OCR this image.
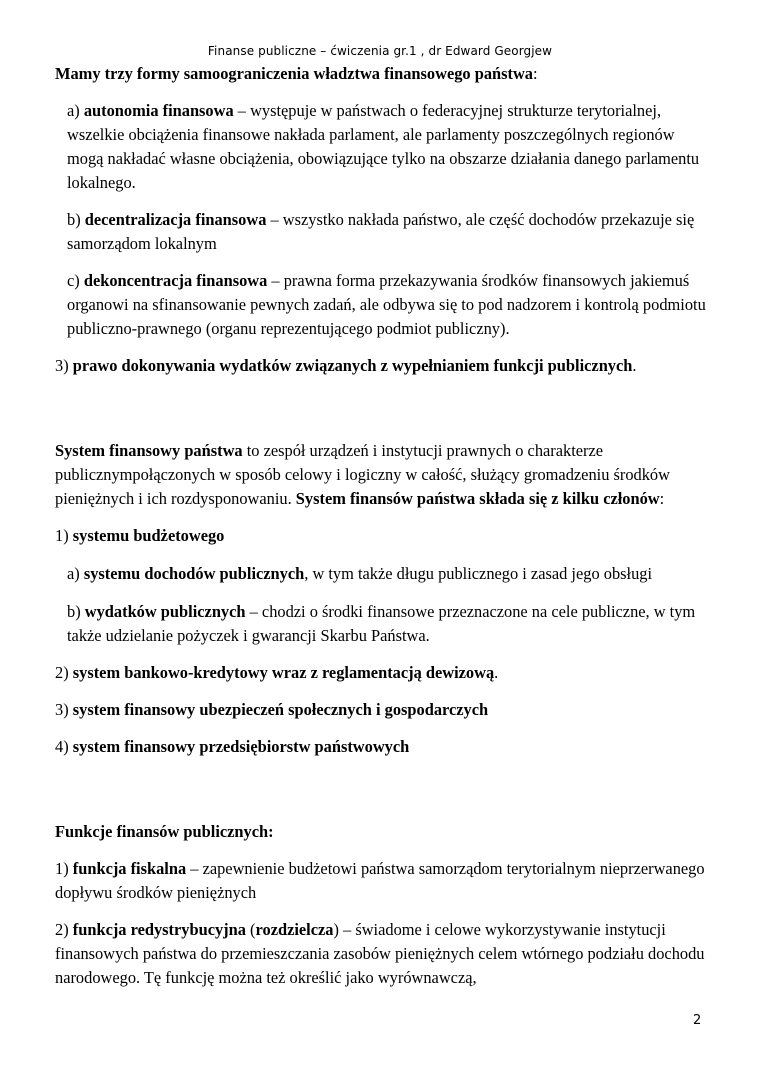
Finanse publiczne – ćwiczenia gr.1 , dr Edward Georgjew

Mamy trzy formy samoograniczenia władztwa finansowego państwa:

a) autonomia finansowa – występuje w państwach o federacyjnej strukturze terytorialnej, wszelkie obciążenia finansowe nakłada parlament, ale parlamenty poszczególnych regionów mogą nakładać własne obciążenia, obowiązujące tylko na obszarze działania danego parlamentu lokalnego.

b) decentralizacja finansowa – wszystko nakłada państwo, ale część dochodów przekazuje się samorządom lokalnym

c) dekoncentracja finansowa – prawna forma przekazywania środków finansowych jakiemuś organowi na sfinansowanie pewnych zadań, ale odbywa się to pod nadzorem i kontrolą podmiotu publiczno-prawnego (organu reprezentującego podmiot publiczny).

3) prawo dokonywania wydatków związanych z wypełnianiem funkcji publicznych.

System finansowy państwa to zespół urządzeń i instytucji prawnych o charakterze publicznympołączonych w sposób celowy i logiczny w całość, służący gromadzeniu środków pieniężnych i ich rozdysponowaniu. System finansów państwa składa się z kilku członów:

1) systemu budżetowego

a) systemu dochodów publicznych, w tym także długu publicznego i zasad jego obsługi

b) wydatków publicznych – chodzi o środki finansowe przeznaczone na cele publiczne, w tym także udzielanie pożyczek i gwarancji Skarbu Państwa.

2) system bankowo-kredytowy wraz z reglamentacją dewizową.

3) system finansowy ubezpieczeń społecznych i gospodarczych

4) system finansowy przedsiębiorstw państwowych

Funkcje finansów publicznych:

1) funkcja fiskalna – zapewnienie budżetowi państwa samorządom terytorialnym nieprzerwanego dopływu środków pieniężnych

2) funkcja redystrybucyjna (rozdzielcza) – świadome i celowe wykorzystywanie instytucji finansowych państwa do przemieszczania zasobów pieniężnych celem wtórnego podziału dochodu narodowego. Tę funkcję można też określić jako wyrównawczą,

2
